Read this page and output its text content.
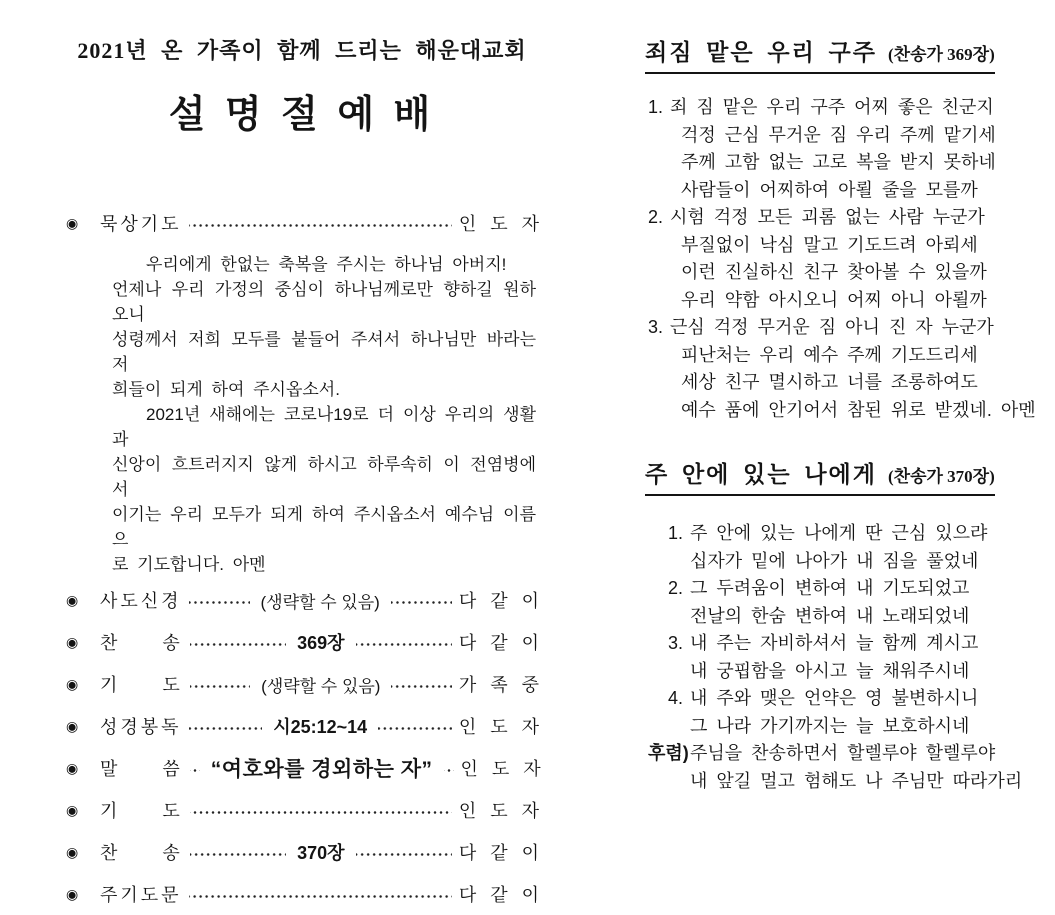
2021년 온 가족이 함께 드리는 해운대교회
설 명 절 예 배
◉	묵상기도	인 도 자
우리에게 한없는 축복을 주시는 하나님 아버지!
언제나 우리 가정의 중심이 하나님께로만 향하길 원하오니
성령께서 저희 모두를 붙들어 주셔서 하나님만 바라는 저
희들이 되게 하여 주시옵소서.
2021년 새해에는 코로나19로 더 이상 우리의 생활과
신앙이 흐트러지지 않게 하시고 하루속히 이 전염병에서
이기는 우리 모두가 되게 하여 주시옵소서 예수님 이름으
로 기도합니다. 아멘
◉	사도신경	(생략할 수 있음)	다 같 이
◉	찬　　송	369장	다 같 이
◉	기　　도	(생략할 수 있음)	가 족 중
◉	성경봉독	시25:12~14	인 도 자
◉	말　　씀 “여호와를 경외하는 자” 인 도 자
◉	기　　도	인 도 자
◉	찬　　송	370장	다 같 이
◉	주기도문	다 같 이
죄짐 맡은 우리 구주 (찬송가 369장)
1. 죄 짐 맡은 우리 구주 어찌 좋은 친군지
걱정 근심 무거운 짐 우리 주께 맡기세
주께 고함 없는 고로 복을 받지 못하네
사람들이 어찌하여 아뢸 줄을 모를까
2. 시험 걱정 모든 괴롬 없는 사람 누군가
부질없이 낙심 말고 기도드려 아뢰세
이런 진실하신 친구 찾아볼 수 있을까
우리 약함 아시오니 어찌 아니 아뢸까
3. 근심 걱정 무거운 짐 아니 진 자 누군가
피난처는 우리 예수 주께 기도드리세
세상 친구 멸시하고 너를 조롱하여도
예수 품에 안기어서 참된 위로 받겠네. 아멘
주 안에 있는 나에게 (찬송가 370장)
1. 주 안에 있는 나에게 딴 근심 있으랴
십자가 밑에 나아가 내 짐을 풀었네
2. 그 두려움이 변하여 내 기도되었고
전날의 한숨 변하여 내 노래되었네
3. 내 주는 자비하셔서 늘 함께 계시고
내 궁핍함을 아시고 늘 채워주시네
4. 내 주와 맺은 언약은 영 불변하시니
그 나라 가기까지는 늘 보호하시네
후렴) 주님을 찬송하면서 할렐루야 할렐루야
내 앞길 멀고 험해도 나 주님만 따라가리
